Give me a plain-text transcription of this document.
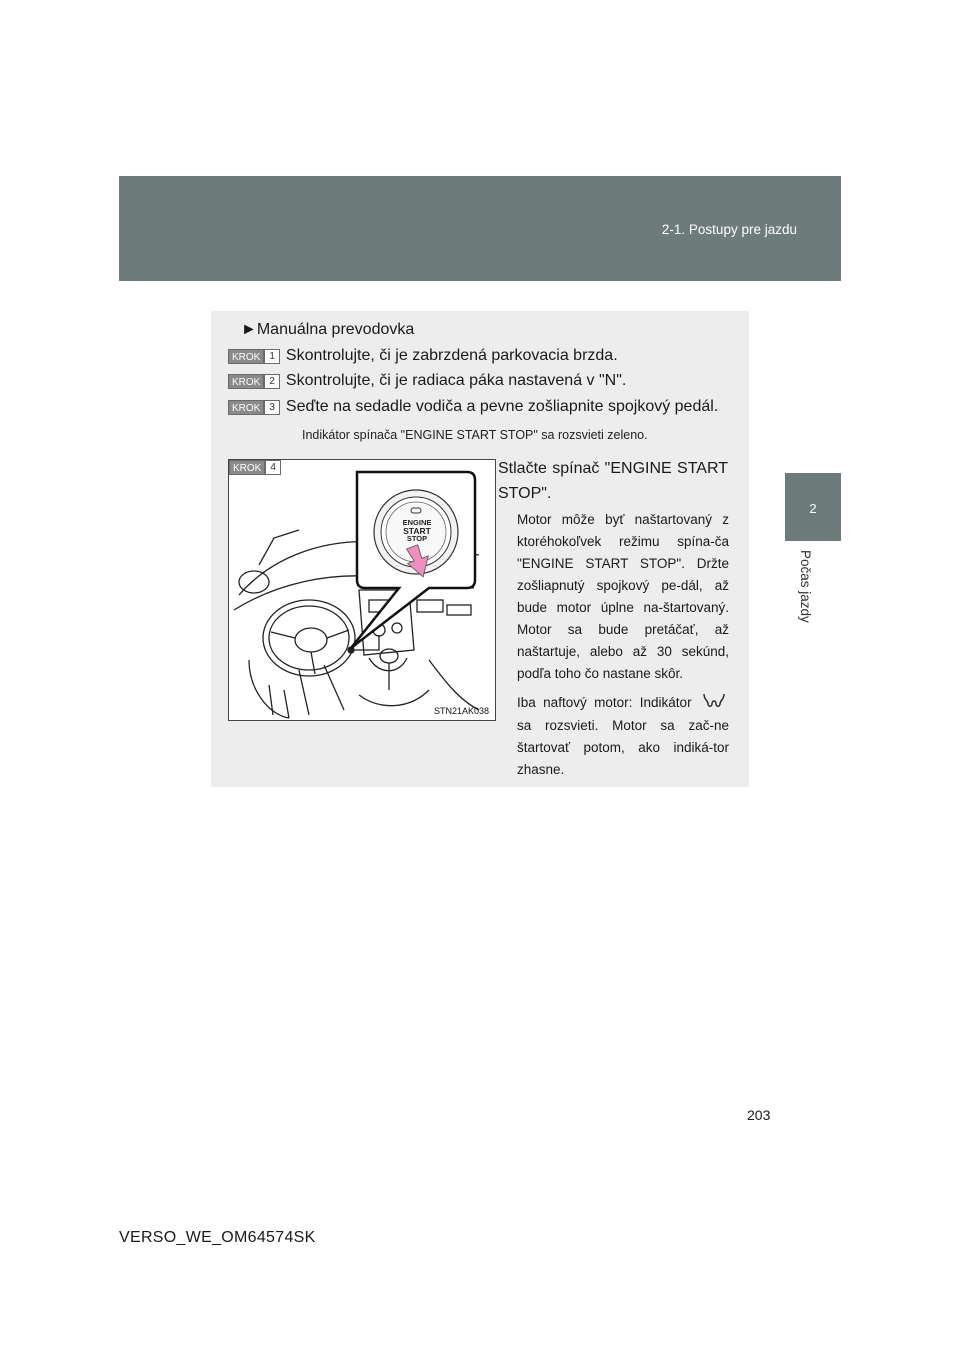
2-1. Postupy pre jazdu
2
Počas jazdy
►Manuálna prevodovka
KROK 1 Skontrolujte, či je zabrzdená parkovacia brzda.
KROK 2 Skontrolujte, či je radiaca páka nastavená v "N".
KROK 3 Seďte na sedadle vodiča a pevne zošliapnite spojkový pedál.
Indikátor spínača "ENGINE START STOP" sa rozsvieti zeleno.
KROK 4
ENGINE
START
STOP
STN21AK038
Stlačte spínač "ENGINE START STOP".
Motor môže byť naštartovaný z ktoréhokoľvek režimu spína-ča "ENGINE START STOP". Držte zošliapnutý spojkový pe-dál, až bude motor úplne na-štartovaný. Motor sa bude pretáčať, až naštartuje, alebo až 30 sekúnd, podľa toho čo nastane skôr.
Iba naftový motor: Indikátor  sa rozsvieti. Motor sa zač-ne štartovať potom, ako indiká-tor zhasne.
203
VERSO_WE_OM64574SK
